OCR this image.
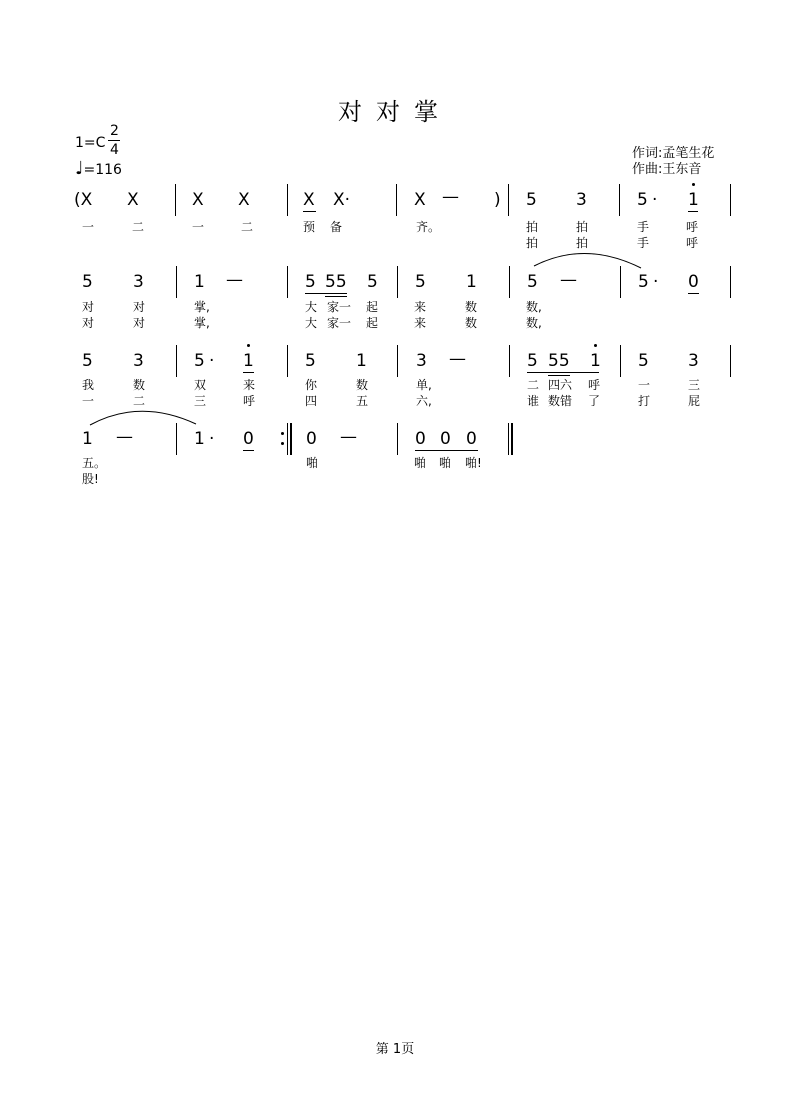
对对掌
1=C
2
4
♩=116
作词:孟笔生花
作曲:王东音
(X X	X X	X X·	X — ) 5 3	5 · 1
一	二	一	二	预 备	齐。	拍	拍	手	呼
拍	拍	手	呼
5 3	1 —	5 55 5 5 1	5 —	5 · 0
对	对	掌,	大 家一 起	来	数	数,
对	对	掌,	大 家一 起	来	数	数,
5 3	5 · 1	5 1	3 —	5 55 1 5 3
我	数	双	来	你	数	单,	二 四六 呼	一	三
一	二	三	呼	四	五	六,	谁 数错 了	打	屁
1 —	1 · 0	0 —	0 0 0
五。	啪	啪 啪 啪!
股!
第 1页
